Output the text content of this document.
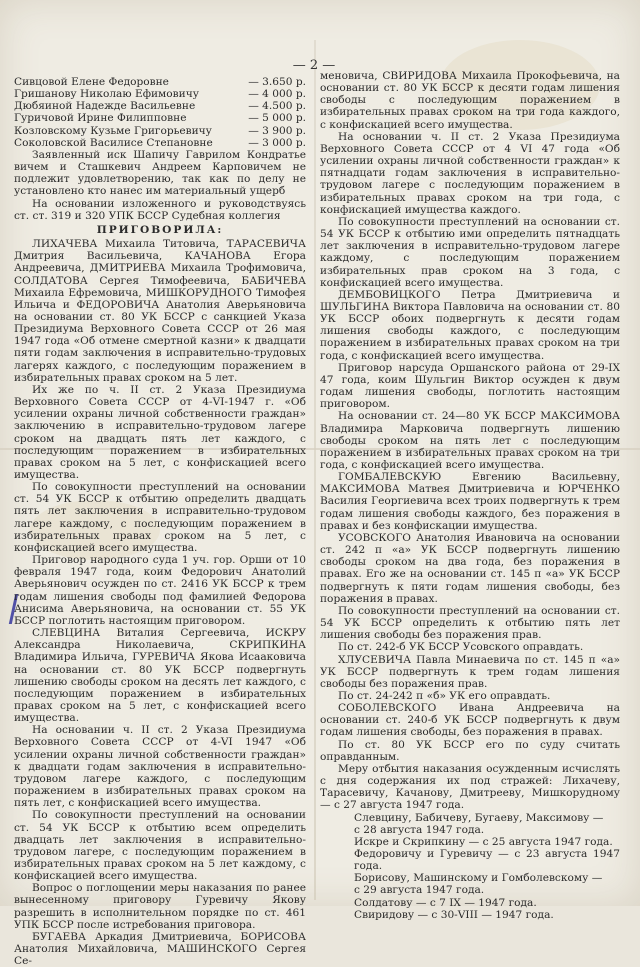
— 2 —
Сивцовой Елене Федоровне	— 3.650 р.
Гришанову Николаю Ефимовичу	— 4 000 р.
Дюбяиной Надежде Васильевне	— 4.500 р.
Гуричовой Ирине Филипповне	— 5 000 р.
Козловскому Кузьме Григорьевичу	— 3 900 р.
Соколовской Василисе Степановне	— 3 000 р.

Заявленный иск Шапичу Гаврилом Кондратье вичем и Сташкевич Андреем Карповичем не подлежит удовлетворению, так как по делу не установлено кто нанес им материальный ущерб

На основании изложенного и руководствуясь ст. ст. 319 и 320 УПК БССР Судебная коллегия

ПРИГОВОРИЛА:

ЛИХАЧЕВА Михаила Титовича, ТАРАСЕВИЧА Дмитрия Васильевича, КАЧАНОВА Егора Андреевича, ДМИТРИЕВА Михаила Трофимовича, СОЛДАТОВА Сергея Тимофеевича, БАБИЧЕВА Михаила Ефремовича, МИШКОРУДНОГО Тимофея Ильича и ФЕДОРОВИЧА Анатолия Аверьяновича на основании ст. 80 УК БССР с санкцией Указа Президиума Верховного Совета СССР от 26 мая 1947 года «Об отмене смертной казни» к двадцати пяти годам заключения в исправительно-трудовых лагерях каждого, с последующим поражением в избирательных правах сроком на 5 лет.

Их же по ч. II ст. 2 Указа Президиума Верховного Совета СССР от 4-VI-1947 г. «Об усилении охраны личной собственности граждан» заключению в исправительно-трудовом лагере сроком на двадцать пять лет каждого, с последующим поражением в избирательных правах сроком на 5 лет, с конфискацией всего имущества.

По совокупности преступлений на основании ст. 54 УК БССР к отбытию определить двадцать пять лет заключения в исправительно-трудовом лагере каждому, с последующим поражением в избирательных правах сроком на 5 лет, с конфискацией всего имущества.

Приговор народного суда 1 уч. гор. Орши от 10 февраля 1947 года, коим Федорович Анатолий Аверьянович осужден по ст. 2416 УК БССР к трем годам лишения свободы под фамилией Федорова Анисима Аверьяновича, на основании ст. 55 УК БССР поглотить настоящим приговором.

СЛЕВЦИНА Виталия Сергеевича, ИСКРУ Александра Николаевича, СКРИПКИНА Владимира Ильича, ГУРЕВИЧА Якова Исааковича на основании ст. 80 УК БССР подвергнуть лишению свободы сроком на десять лет каждого, с последующим поражением в избирательных правах сроком на 5 лет, с конфискацией всего имущества.

На основании ч. II ст. 2 Указа Президиума Верховного Совета СССР от 4-VI 1947 «Об усилении охраны личной собственности граждан» к двадцати годам заключения в исправительно-трудовом лагере каждого, с последующим поражением в избирательных правах сроком на пять лет, с конфискацией всего имущества.

По совокупности преступлений на основании ст. 54 УК БССР к отбытию всем определить двадцать лет заключения в исправительно-трудовом лагере, с последующим поражением в избирательных правах сроком на 5 лет каждому, с конфискацией всего имущества.

Вопрос о поглощении меры наказания по ранее вынесенному приговору Гуревичу Якову разрешить в исполнительном порядке по ст. 461 УПК БССР после истребования приговора.

БУГАЕВА Аркадия Дмитриевича, БОРИСОВА Анатолия Михайловича, МАШИНСКОГО Сергея Се-

меновича, СВИРИДОВА Михаила Прокофьевича, на основании ст. 80 УК БССР к десяти годам лишения свободы с последующим поражением в избирательных правах сроком на три года каждого, с конфискацией всего имущества.

На основании ч. II ст. 2 Указа Президиума Верховного Совета СССР от 4 VI 47 года «Об усилении охраны личной собственности граждан» к пятнадцати годам заключения в исправительно-трудовом лагере с последующим поражением в избирательных правах сроком на три года, с конфискацией имущества каждого.

По совокупности преступлений на основании ст. 54 УК БССР к отбытию ими определить пятнадцать лет заключения в исправительно-трудовом лагере каждому, с последующим поражением избирательных прав сроком на 3 года, с конфискацией всего имущества.

ДЕМБОВИЦКОГО Петра Дмитриевича и ШУЛЬГИНА Виктора Павловича на основании ст. 80 УК БССР обоих подвергнуть к десяти годам лишения свободы каждого, с последующим поражением в избирательных правах сроком на три года, с конфискацией всего имущества.

Приговор нарсуда Оршанского района от 29-IX 47 года, коим Шульгин Виктор осужден к двум годам лишения свободы, поглотить настоящим приговором.

На основании ст. 24—80 УК БССР МАКСИМОВА Владимира Марковича подвергнуть лишению свободы сроком на пять лет с последующим поражением в избирательных правах сроком на три года, с конфискацией всего имущества.

ГОМБАЛЕВСКУЮ Евгению Васильевну, МАКСИМОВА Матвея Дмитриевича и ЮРЧЕНКО Василия Георгиевича всех троих подвергнуть к трем годам лишения свободы каждого, без поражения в правах и без конфискации имущества.

УСОВСКОГО Анатолия Ивановича на основании ст. 242 п «а» УК БССР подвергнуть лишению свободы сроком на два года, без поражения в правах. Его же на основании ст. 145 п «а» УК БССР подвергнуть к пяти годам лишения свободы, без поражения в правах.

По совокупности преступлений на основании ст. 54 УК БССР определить к отбытию пять лет лишения свободы без поражения прав.

По ст. 242-б УК БССР Усовского оправдать.

ХЛУСЕВИЧА Павла Минаевича по ст. 145 п «а» УК БССР подвергнуть к трем годам лишения свободы без поражения прав.

По ст. 24-242 п «б» УК его оправдать.

СОБОЛЕВСКОГО Ивана Андреевича на основании ст. 240-б УК БССР подвергнуть к двум годам лишения свободы, без поражения в правах.

По ст. 80 УК БССР его по суду считать оправданным.

Меру отбытия наказания осужденным исчислять с дня содержания их под стражей: Лихачеву, Тарасевичу, Качанову, Дмитрееву, Мишкорудному — с 27 августа 1947 года.

Слевцину, Бабичеву, Бугаеву, Максимову —

с 28 августа 1947 года.

Искре и Скрипкину — с 25 августа 1947 года.

Федоровичу и Гуревичу — с 23 августа 1947 года.

Борисову, Машинскому и Гомболевскому —

с 29 августа 1947 года.

Солдатову — с 7 IX — 1947 года.

Свиридову — с 30-VIII — 1947 года.
